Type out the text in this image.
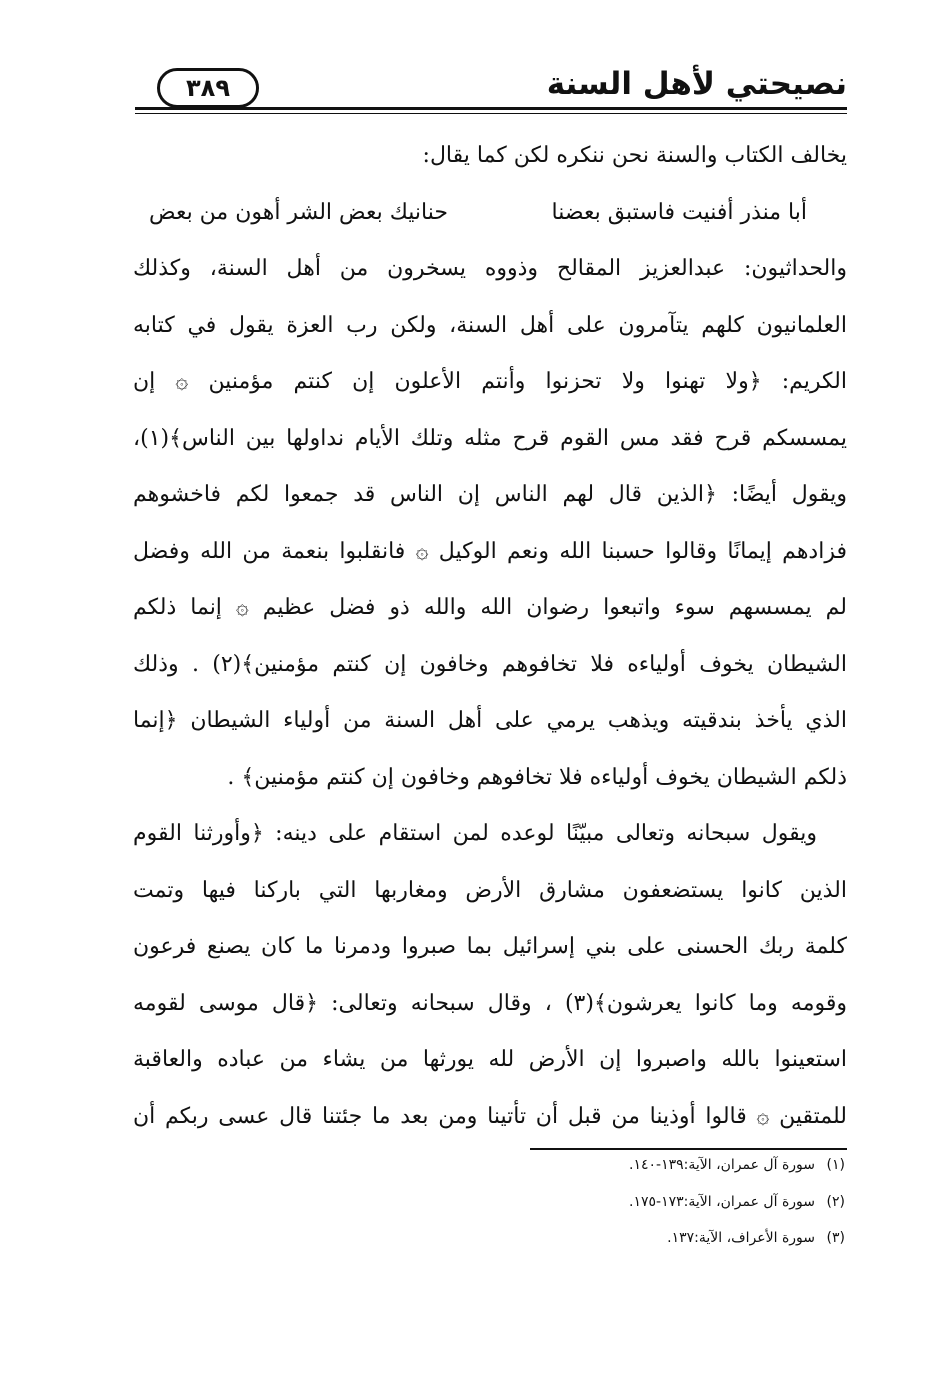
نصيحتي لأهل السنة
٣٨٩
يخالف الكتاب والسنة نحن ننكره لكن كما يقال:
أبا منذر أفنيت فاستبق بعضنا
حنانيك بعض الشر أهون من بعض
والحداثيون: عبدالعزيز المقالح وذووه يسخرون من أهل السنة، وكذلك
العلمانيون كلهم يتآمرون على أهل السنة، ولكن رب العزة يقول في كتابه
الكريم: ﴿ولا تهنوا ولا تحزنوا وأنتم الأعلون إن كنتم مؤمنين ۞ إن
يمسسكم قرح فقد مس القوم قرح مثله وتلك الأيام نداولها بين الناس﴾(١)،
ويقول أيضًا: ﴿الذين قال لهم الناس إن الناس قد جمعوا لكم فاخشوهم
فزادهم إيمانًا وقالوا حسبنا الله ونعم الوكيل ۞ فانقلبوا بنعمة من الله وفضل
لم يمسسهم سوء واتبعوا رضوان الله والله ذو فضل عظيم ۞ إنما ذلكم
الشيطان يخوف أولياءه فلا تخافوهم وخافون إن كنتم مؤمنين﴾(٢) . وذلك
الذي يأخذ بندقيته ويذهب يرمي على أهل السنة من أولياء الشيطان ﴿إنما
ذلكم الشيطان يخوف أولياءه فلا تخافوهم وخافون إن كنتم مؤمنين﴾ .
ويقول سبحانه وتعالى مبيّنًا لوعده لمن استقام على دينه: ﴿وأورثنا القوم
الذين كانوا يستضعفون مشارق الأرض ومغاربها التي باركنا فيها وتمت
كلمة ربك الحسنى على بني إسرائيل بما صبروا ودمرنا ما كان يصنع فرعون
وقومه وما كانوا يعرشون﴾(٣) ، وقال سبحانه وتعالى: ﴿قال موسى لقومه
استعينوا بالله واصبروا إن الأرض لله يورثها من يشاء من عباده والعاقبة
للمتقين ۞ قالوا أوذينا من قبل أن تأتينا ومن بعد ما جئتنا قال عسى ربكم أن
(١)سورة آل عمران، الآية:١٣٩-١٤٠.
(٢)سورة آل عمران، الآية:١٧٣-١٧٥.
(٣)سورة الأعراف، الآية:١٣٧.
